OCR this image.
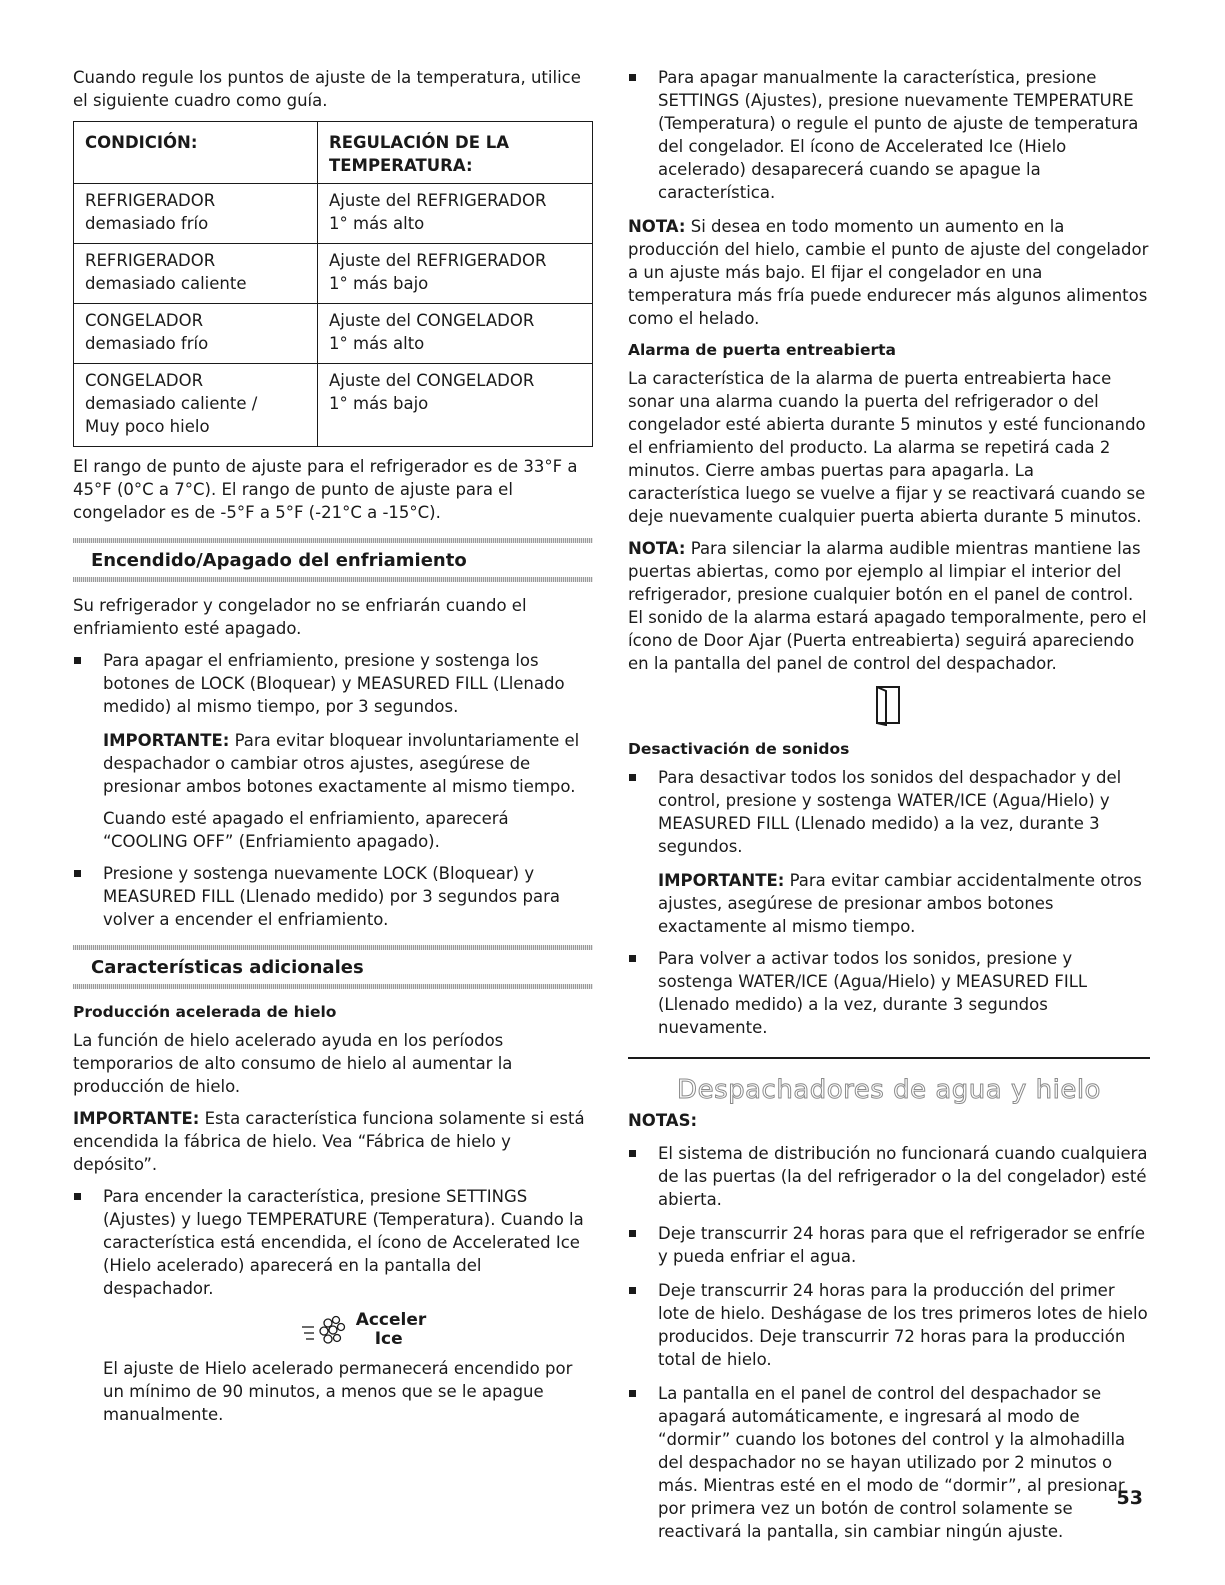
Cuando regule los puntos de ajuste de la temperatura, utilice el siguiente cuadro como guía.

CONDICIÓN:	REGULACIÓN DE LA TEMPERATURA:

REFRIGERADOR
demasiado frío	Ajuste del REFRIGERADOR
1° más alto

REFRIGERADOR
demasiado caliente	Ajuste del REFRIGERADOR
1° más bajo

CONGELADOR
demasiado frío	Ajuste del CONGELADOR
1° más alto

CONGELADOR
demasiado caliente /
Muy poco hielo	Ajuste del CONGELADOR
1° más bajo

El rango de punto de ajuste para el refrigerador es de 33°F a 45°F (0°C a 7°C). El rango de punto de ajuste para el congelador es de -5°F a 5°F (-21°C a -15°C).

Encendido/Apagado del enfriamiento

Su refrigerador y congelador no se enfriarán cuando el enfriamiento esté apagado.

Para apagar el enfriamiento, presione y sostenga los botones de LOCK (Bloquear) y MEASURED FILL (Llenado medido) al mismo tiempo, por 3 segundos.

IMPORTANTE: Para evitar bloquear involuntariamente el despachador o cambiar otros ajustes, asegúrese de presionar ambos botones exactamente al mismo tiempo.

Cuando esté apagado el enfriamiento, aparecerá “COOLING OFF” (Enfriamiento apagado).

Presione y sostenga nuevamente LOCK (Bloquear) y MEASURED FILL (Llenado medido) por 3 segundos para volver a encender el enfriamiento.
Características adicionales
Producción acelerada de hielo

La función de hielo acelerado ayuda en los períodos temporarios de alto consumo de hielo al aumentar la producción de hielo.

IMPORTANTE: Esta característica funciona solamente si está encendida la fábrica de hielo. Vea “Fábrica de hielo y depósito”.

Para encender la característica, presione SETTINGS (Ajustes) y luego TEMPERATURE (Temperatura). Cuando la característica está encendida, el ícono de Accelerated Ice (Hielo acelerado) aparecerá en la pantalla del despachador.
Acceler
Ice

El ajuste de Hielo acelerado permanecerá encendido por un mínimo de 90 minutos, a menos que se le apague manualmente.

Para apagar manualmente la característica, presione SETTINGS (Ajustes), presione nuevamente TEMPERATURE (Temperatura) o regule el punto de ajuste de temperatura del congelador. El ícono de Accelerated Ice (Hielo acelerado) desaparecerá cuando se apague la característica.

NOTA: Si desea en todo momento un aumento en la producción del hielo, cambie el punto de ajuste del congelador a un ajuste más bajo. El fijar el congelador en una temperatura más fría puede endurecer más algunos alimentos como el helado.

Alarma de puerta entreabierta

La característica de la alarma de puerta entreabierta hace sonar una alarma cuando la puerta del refrigerador o del congelador esté abierta durante 5 minutos y esté funcionando el enfriamiento del producto. La alarma se repetirá cada 2 minutos. Cierre ambas puertas para apagarla. La característica luego se vuelve a fijar y se reactivará cuando se deje nuevamente cualquier puerta abierta durante 5 minutos.

NOTA: Para silenciar la alarma audible mientras mantiene las puertas abiertas, como por ejemplo al limpiar el interior del refrigerador, presione cualquier botón en el panel de control. El sonido de la alarma estará apagado temporalmente, pero el ícono de Door Ajar (Puerta entreabierta) seguirá apareciendo en la pantalla del panel de control del despachador.

Desactivación de sonidos
Para desactivar todos los sonidos del despachador y del control, presione y sostenga WATER/ICE (Agua/Hielo) y MEASURED FILL (Llenado medido) a la vez, durante 3 segundos.

IMPORTANTE: Para evitar cambiar accidentalmente otros ajustes, asegúrese de presionar ambos botones exactamente al mismo tiempo.

Para volver a activar todos los sonidos, presione y sostenga WATER/ICE (Agua/Hielo) y MEASURED FILL (Llenado medido) a la vez, durante 3 segundos nuevamente.
Despachadores de agua y hielo
NOTAS:
El sistema de distribución no funcionará cuando cualquiera de las puertas (la del refrigerador o la del congelador) esté abierta.
Deje transcurrir 24 horas para que el refrigerador se enfríe y pueda enfriar el agua.
Deje transcurrir 24 horas para la producción del primer lote de hielo. Deshágase de los tres primeros lotes de hielo producidos. Deje transcurrir 72 horas para la producción total de hielo.
La pantalla en el panel de control del despachador se apagará automáticamente, e ingresará al modo de “dormir” cuando los botones del control y la almohadilla del despachador no se hayan utilizado por 2 minutos o más. Mientras esté en el modo de “dormir”, al presionar por primera vez un botón de control solamente se reactivará la pantalla, sin cambiar ningún ajuste.
53
